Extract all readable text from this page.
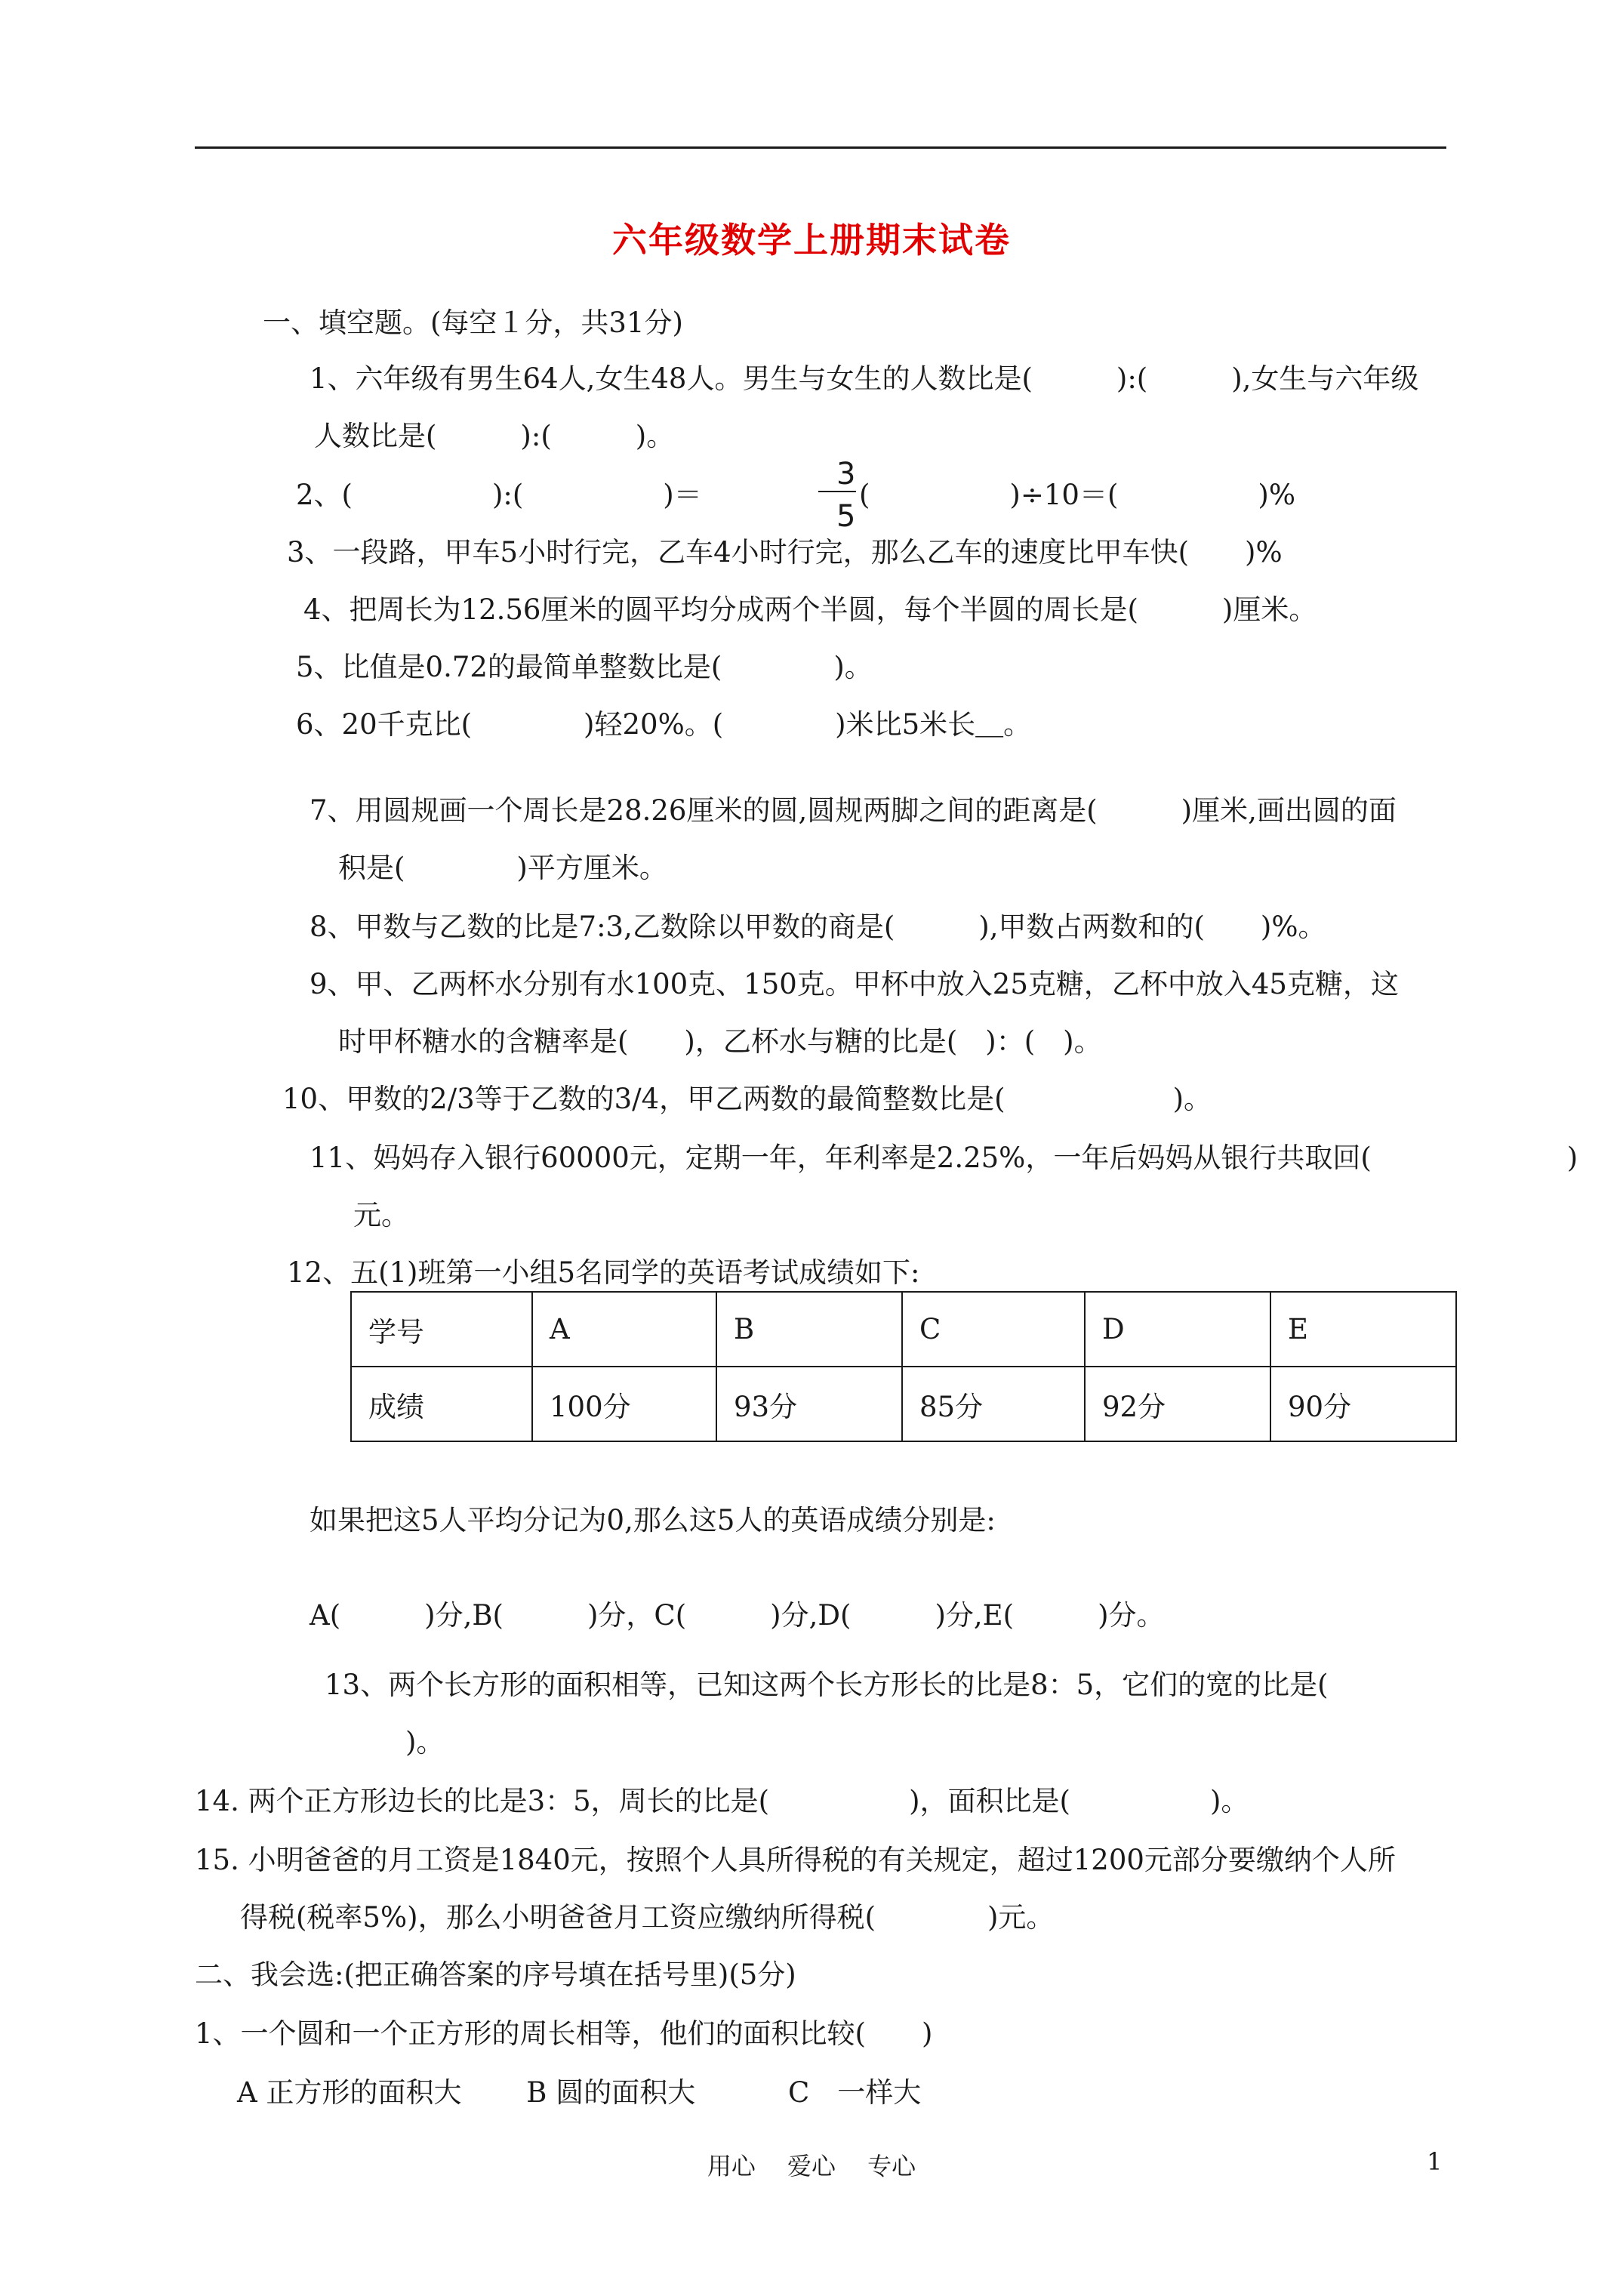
六年级数学上册期末试卷
一、填空题。(每空１分，共31分)
1、六年级有男生64人,女生48人。男生与女生的人数比是(　　　):(　　　),女生与六年级
人数比是(　　　):(　　　)。
2、(　　　　　):(　　　　　)＝
3
5
(　　　　　)÷10＝(　　　　　)%
3、一段路，甲车5小时行完，乙车4小时行完，那么乙车的速度比甲车快(　　)%
4、把周长为12.56厘米的圆平均分成两个半圆，每个半圆的周长是(　　　)厘米。
5、比值是0.72的最简单整数比是(　　　　)。
6、20千克比(　　　　)轻20%。(　　　　)米比5米长＿。
7、用圆规画一个周长是28.26厘米的圆,圆规两脚之间的距离是(　　　)厘米,画出圆的面
积是(　　　　)平方厘米。
8、甲数与乙数的比是7:3,乙数除以甲数的商是(　　　),甲数占两数和的(　　)%。
9、甲、乙两杯水分别有水100克、150克。甲杯中放入25克糖，乙杯中放入45克糖，这
时甲杯糖水的含糖率是(　　)，乙杯水与糖的比是(　)：(　)。
10、甲数的2/3等于乙数的3/4，甲乙两数的最简整数比是(　　　　　　)。
11、妈妈存入银行60000元，定期一年，年利率是2.25%，一年后妈妈从银行共取回(　　　　　　　)
元。
12、五(1)班第一小组5名同学的英语考试成绩如下:
学号	A	B	C	D	E
成绩	100分	93分	85分	92分	90分
如果把这5人平均分记为0,那么这5人的英语成绩分别是:
A(　　　)分,B(　　　)分，C(　　　)分,D(　　　)分,E(　　　)分。
13、两个长方形的面积相等，已知这两个长方形长的比是8：5，它们的宽的比是(
　)。
14. 两个正方形边长的比是3：5，周长的比是(　　　　　)，面积比是(　　　　　)。
15. 小明爸爸的月工资是1840元，按照个人具所得税的有关规定，超过1200元部分要缴纳个人所
得税(税率5%)，那么小明爸爸月工资应缴纳所得税(　　　　)元。
二、我会选:(把正确答案的序号填在括号里)(5分)
1、一个圆和一个正方形的周长相等，他们的面积比较(　　)
A 正方形的面积大　　 B 圆的面积大　　　 C　一样大
用心　 爱心　 专心	1
